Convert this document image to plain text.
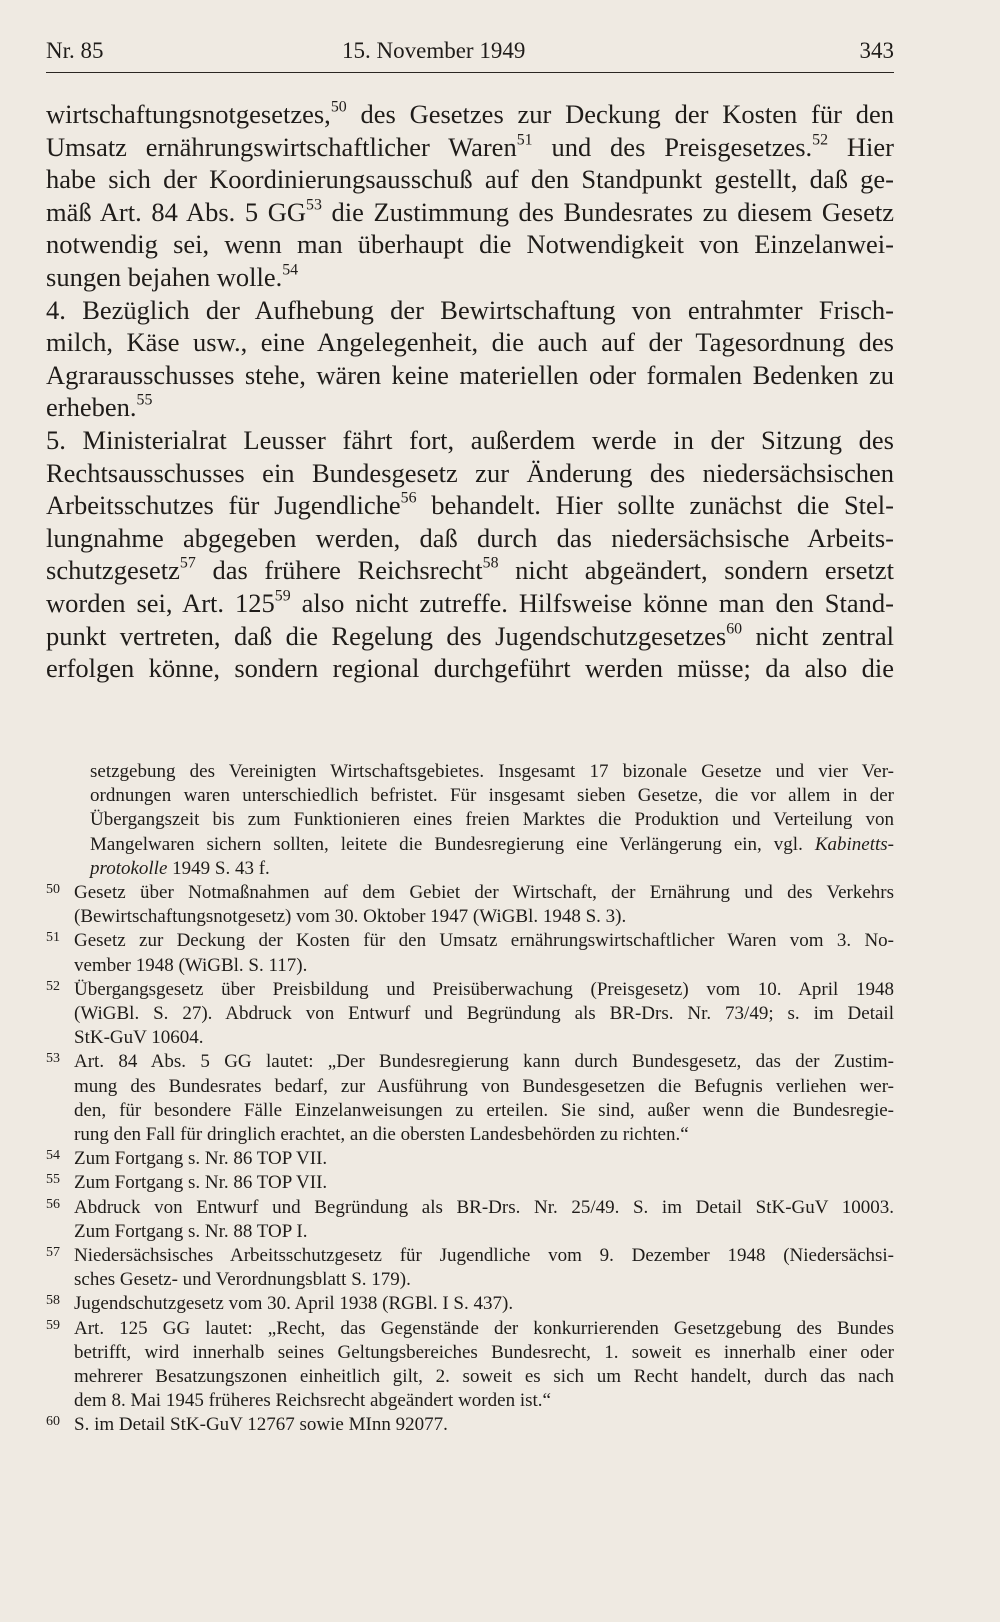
Nr. 85	15. November 1949	343
wirtschaftungsnotgesetzes,$^{50}$ des Gesetzes zur Deckung der Kosten für den
Umsatz ernährungswirtschaftlicher Waren$^{51}$ und des Preisgesetzes.$^{52}$ Hier
habe sich der Koordinierungsausschuß auf den Standpunkt gestellt, daß ge-
mäß Art. 84 Abs. 5 GG$^{53}$ die Zustimmung des Bundesrates zu diesem Gesetz
notwendig sei, wenn man überhaupt die Notwendigkeit von Einzelanwei-
sungen bejahen wolle.$^{54}$
4. Bezüglich der Aufhebung der Bewirtschaftung von entrahmter Frisch-
milch, Käse usw., eine Angelegenheit, die auch auf der Tagesordnung des
Agrarausschusses stehe, wären keine materiellen oder formalen Bedenken zu
erheben.$^{55}$
5. Ministerialrat Leusser fährt fort, außerdem werde in der Sitzung des
Rechtsausschusses ein Bundesgesetz zur Änderung des niedersächsischen
Arbeitsschutzes für Jugendliche$^{56}$ behandelt. Hier sollte zunächst die Stel-
lungnahme abgegeben werden, daß durch das niedersächsische Arbeits-
schutzgesetz$^{57}$ das frühere Reichsrecht$^{58}$ nicht abgeändert, sondern ersetzt
worden sei, Art. $125^{59}$ also nicht zutreffe. Hilfsweise könne man den Stand-
punkt vertreten, daß die Regelung des Jugendschutzgesetzes$^{60}$ nicht zentral
erfolgen könne, sondern regional durchgeführt werden müsse; da also die
setzgebung des Vereinigten Wirtschaftsgebietes. Insgesamt 17 bizonale Gesetze und vier Ver-
ordnungen waren unterschiedlich befristet. Für insgesamt sieben Gesetze, die vor allem in der
Übergangszeit bis zum Funktionieren eines freien Marktes die Produktion und Verteilung von
Mangelwaren sichern sollten, leitete die Bundesregierung eine Verlängerung ein, vgl. Kabinetts-
protokolle 1949 S. 43 f.
50 Gesetz über Notmaßnahmen auf dem Gebiet der Wirtschaft, der Ernährung und des Verkehrs
(Bewirtschaftungsnotgesetz) vom 30. Oktober 1947 (WiGBl. 1948 S. 3).
51 Gesetz zur Deckung der Kosten für den Umsatz ernährungswirtschaftlicher Waren vom 3. No-
vember 1948 (WiGBl. S. 117).
52 Übergangsgesetz über Preisbildung und Preisüberwachung (Preisgesetz) vom 10. April 1948
(WiGBl. S. 27). Abdruck von Entwurf und Begründung als BR-Drs. Nr. 73/49; s. im Detail
StK-GuV 10604.
53 Art. 84 Abs. 5 GG lautet: „Der Bundesregierung kann durch Bundesgesetz, das der Zustim-
mung des Bundesrates bedarf, zur Ausführung von Bundesgesetzen die Befugnis verliehen wer-
den, für besondere Fälle Einzelanweisungen zu erteilen. Sie sind, außer wenn die Bundesregie-
rung den Fall für dringlich erachtet, an die obersten Landesbehörden zu richten.“
54 Zum Fortgang s. Nr. 86 TOP VII.
55 Zum Fortgang s. Nr. 86 TOP VII.
56 Abdruck von Entwurf und Begründung als BR-Drs. Nr. 25/49. S. im Detail StK-GuV 10003.
Zum Fortgang s. Nr. 88 TOP I.
57 Niedersächsisches Arbeitsschutzgesetz für Jugendliche vom 9. Dezember 1948 (Niedersächsi-
sches Gesetz- und Verordnungsblatt S. 179).
58 Jugendschutzgesetz vom 30. April 1938 (RGBl. I S. 437).
59 Art. 125 GG lautet: „Recht, das Gegenstände der konkurrierenden Gesetzgebung des Bundes
betrifft, wird innerhalb seines Geltungsbereiches Bundesrecht, 1. soweit es innerhalb einer oder
mehrerer Besatzungszonen einheitlich gilt, 2. soweit es sich um Recht handelt, durch das nach
dem 8. Mai 1945 früheres Reichsrecht abgeändert worden ist.“
60 S. im Detail StK-GuV 12767 sowie MInn 92077.
